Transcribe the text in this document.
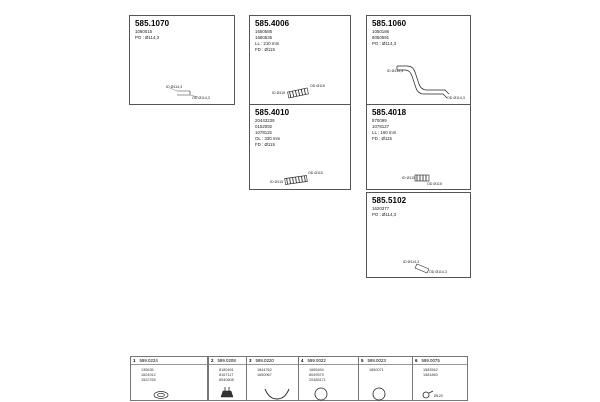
585.1070
1080015
PO : Ø114,3
ID Ø114,3
OD Ø114,3
585.4006
1650585
1680535
LL : 210 mm
FD : Ø115
ID Ø115
OD Ø115
585.1060
1050186
8050591
PO : Ø114,3
ID Ø114,3
OD Ø114,3
585.4010
20443239
0152092
1078115
OL : 330 mm
FD : Ø115
ID Ø115
OD Ø115
585.4018
870099
1078127
LL : 160 mm
FD : Ø115
ID Ø115
OD Ø115
585.5102
1620377
PO : Ø114,3
ID Ø114,3
OD Ø114,3
1 599.0224
135635
1624912
1522765
2 599.0208
8180491
8167117
8040608
3 599.0220
1844762
1650067
4 599.0022
1665494
8049579
20485171
5 599.0023
1850071
6 599.0075
1583542
1581840
Ø120
